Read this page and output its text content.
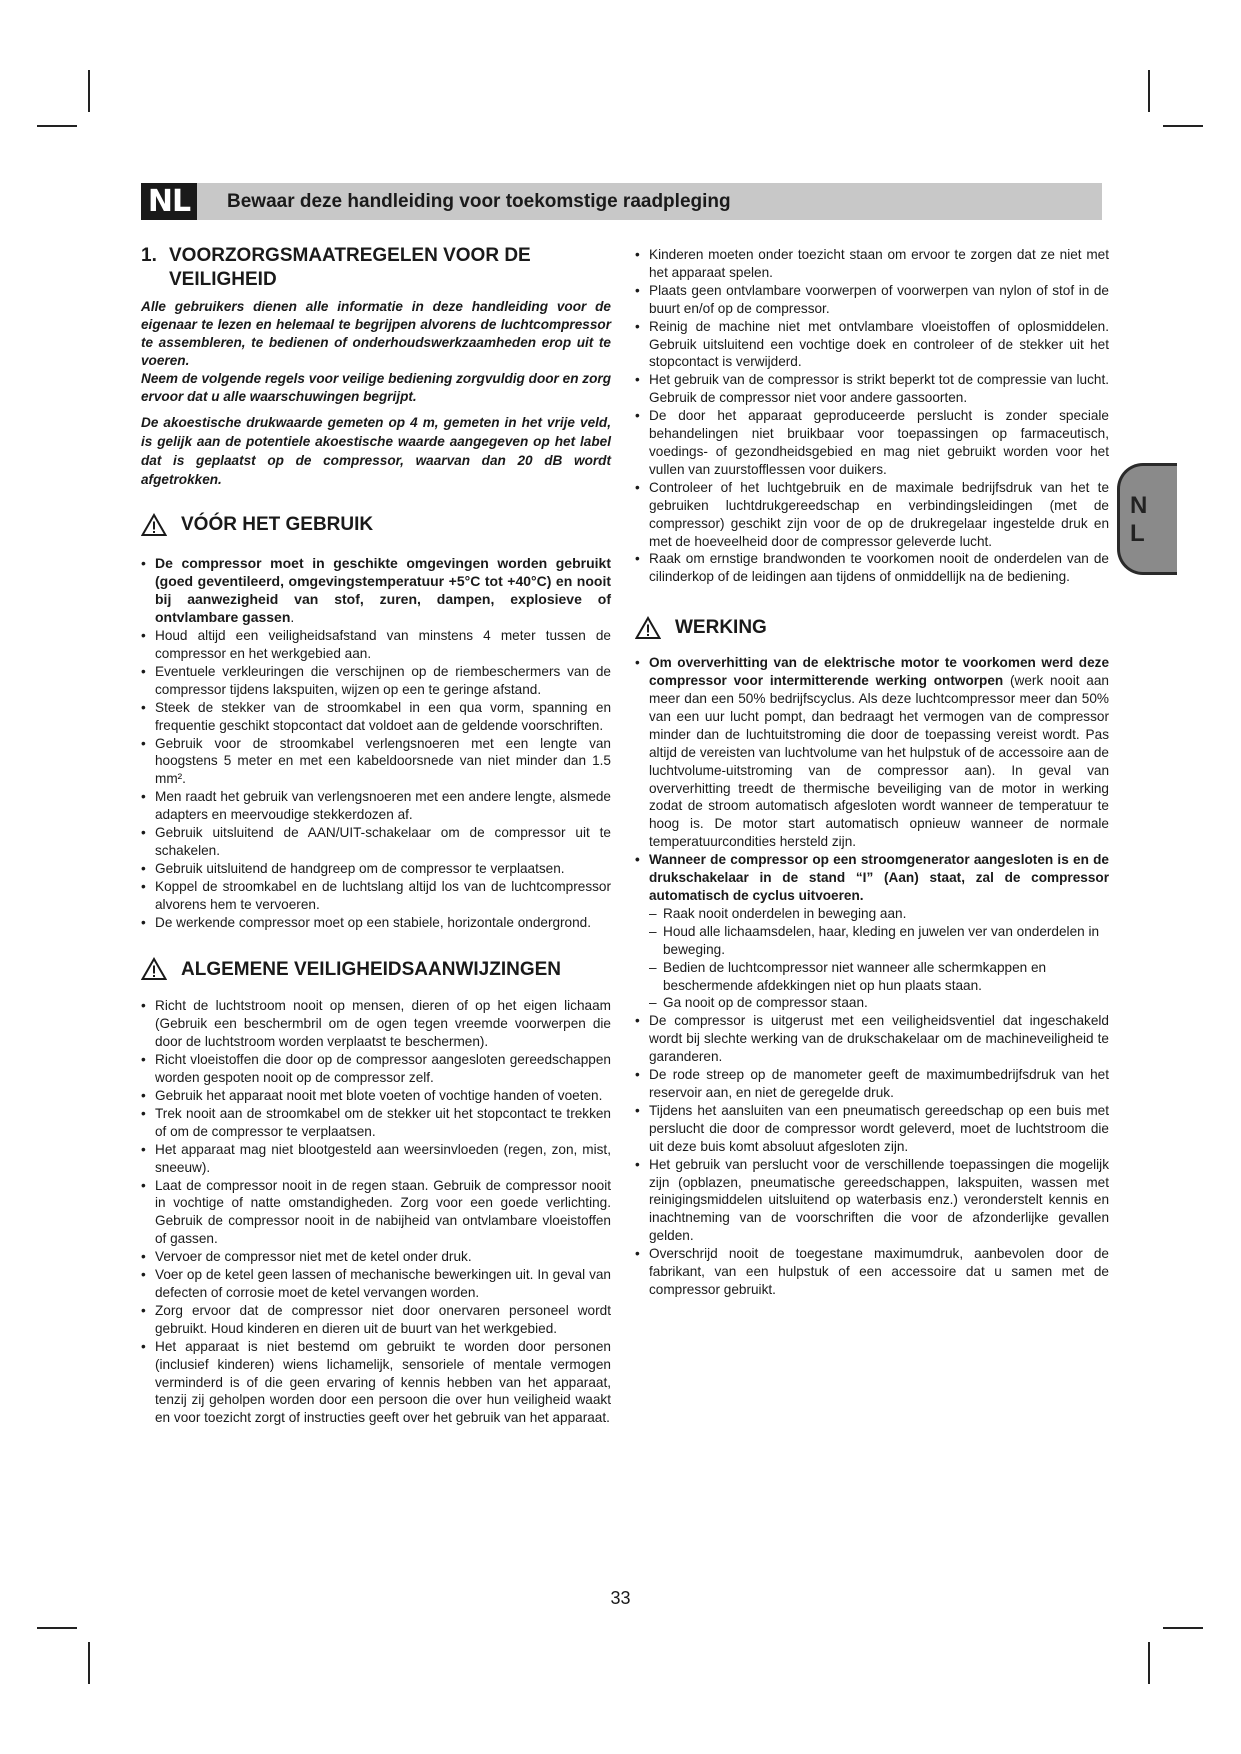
NL	Bewaar deze handleiding voor toekomstige raadpleging
N
L
1. VOORZORGSMAATREGELEN VOOR DE VEILIGHEID

Alle gebruikers dienen alle informatie in deze handleiding voor de eigenaar te lezen en helemaal te begrijpen alvorens de luchtcompressor te assembleren, te bedienen of onderhoudswerkzaamheden erop uit te voeren.

Neem de volgende regels voor veilige bediening zorgvuldig door en zorg ervoor dat u alle waarschuwingen begrijpt.

De akoestische drukwaarde gemeten op 4 m, gemeten in het vrije veld, is gelijk aan de potentiele akoestische waarde aangegeven op het label dat is geplaatst op de compressor, waarvan dan 20 dB wordt afgetrokken.

VÓÓR HET GEBRUIK
• De compressor moet in geschikte omgevingen worden gebruikt (goed geventileerd, omgevingstemperatuur +5°C tot +40°C) en nooit bij aanwezigheid van stof, zuren, dampen, explosieve of ontvlambare gassen.
• Houd altijd een veiligheidsafstand van minstens 4 meter tussen de compressor en het werkgebied aan.
• Eventuele verkleuringen die verschijnen op de riembeschermers van de compressor tijdens lakspuiten, wijzen op een te geringe afstand.
• Steek de stekker van de stroomkabel in een qua vorm, spanning en frequentie geschikt stopcontact dat voldoet aan de geldende voorschriften.
• Gebruik voor de stroomkabel verlengsnoeren met een lengte van hoogstens 5 meter en met een kabeldoorsnede van niet minder dan 1.5 mm².
• Men raadt het gebruik van verlengsnoeren met een andere lengte, alsmede adapters en meervoudige stekkerdozen af.
• Gebruik uitsluitend de AAN/UIT-schakelaar om de compressor uit te schakelen.
• Gebruik uitsluitend de handgreep om de compressor te verplaatsen.
• Koppel de stroomkabel en de luchtslang altijd los van de luchtcompressor alvorens hem te vervoeren.
• De werkende compressor moet op een stabiele, horizontale ondergrond.
ALGEMENE VEILIGHEIDSAANWIJZINGEN
• Richt de luchtstroom nooit op mensen, dieren of op het eigen lichaam (Gebruik een beschermbril om de ogen tegen vreemde voorwerpen die door de luchtstroom worden verplaatst te beschermen).
• Richt vloeistoffen die door op de compressor aangesloten gereedschappen worden gespoten nooit op de compressor zelf.
• Gebruik het apparaat nooit met blote voeten of vochtige handen of voeten.
• Trek nooit aan de stroomkabel om de stekker uit het stopcontact te trekken of om de compressor te verplaatsen.
• Het apparaat mag niet blootgesteld aan weersinvloeden (regen, zon, mist, sneeuw).
• Laat de compressor nooit in de regen staan. Gebruik de compressor nooit in vochtige of natte omstandigheden. Zorg voor een goede verlichting. Gebruik de compressor nooit in de nabijheid van ontvlambare vloeistoffen of gassen.
• Vervoer de compressor niet met de ketel onder druk.
• Voer op de ketel geen lassen of mechanische bewerkingen uit. In geval van defecten of corrosie moet de ketel vervangen worden.
• Zorg ervoor dat de compressor niet door onervaren personeel wordt gebruikt. Houd kinderen en dieren uit de buurt van het werkgebied.
• Het apparaat is niet bestemd om gebruikt te worden door personen (inclusief kinderen) wiens lichamelijk, sensoriele of mentale vermogen verminderd is of die geen ervaring of kennis hebben van het apparaat, tenzij zij geholpen worden door een persoon die over hun veiligheid waakt en voor toezicht zorgt of instructies geeft over het gebruik van het apparaat.
• Kinderen moeten onder toezicht staan om ervoor te zorgen dat ze niet met het apparaat spelen.
• Plaats geen ontvlambare voorwerpen of voorwerpen van nylon of stof in de buurt en/of op de compressor.
• Reinig de machine niet met ontvlambare vloeistoffen of oplosmiddelen. Gebruik uitsluitend een vochtige doek en controleer of de stekker uit het stopcontact is verwijderd.
• Het gebruik van de compressor is strikt beperkt tot de compressie van lucht. Gebruik de compressor niet voor andere gassoorten.
• De door het apparaat geproduceerde perslucht is zonder speciale behandelingen niet bruikbaar voor toepassingen op farmaceutisch, voedings- of gezondheidsgebied en mag niet gebruikt worden voor het vullen van zuurstofflessen voor duikers.
• Controleer of het luchtgebruik en de maximale bedrijfsdruk van het te gebruiken luchtdrukgereedschap en verbindingsleidingen (met de compressor) geschikt zijn voor de op de drukregelaar ingestelde druk en met de hoeveelheid door de compressor geleverde lucht.
• Raak om ernstige brandwonden te voorkomen nooit de onderdelen van de cilinderkop of de leidingen aan tijdens of onmiddellijk na de bediening.
WERKING
• Om oververhitting van de elektrische motor te voorkomen werd deze compressor voor intermitterende werking ontworpen (werk nooit aan meer dan een 50% bedrijfscyclus. Als deze luchtcompressor meer dan 50% van een uur lucht pompt, dan bedraagt het vermogen van de compressor minder dan de luchtuitstroming die door de toepassing vereist wordt. Pas altijd de vereisten van luchtvolume van het hulpstuk of de accessoire aan de luchtvolume-uitstroming van de compressor aan). In geval van oververhitting treedt de thermische beveiliging van de motor in werking zodat de stroom automatisch afgesloten wordt wanneer de temperatuur te hoog is. De motor start automatisch opnieuw wanneer de normale temperatuurcondities hersteld zijn.
• Wanneer de compressor op een stroomgenerator aangesloten is en de drukschakelaar in de stand “I” (Aan) staat, zal de compressor automatisch de cyclus uitvoeren.
– Raak nooit onderdelen in beweging aan.
– Houd alle lichaamsdelen, haar, kleding en juwelen ver van onderdelen in beweging.
– Bedien de luchtcompressor niet wanneer alle schermkappen en beschermende afdekkingen niet op hun plaats staan.
– Ga nooit op de compressor staan.
• De compressor is uitgerust met een veiligheidsventiel dat ingeschakeld wordt bij slechte werking van de drukschakelaar om de machineveiligheid te garanderen.
• De rode streep op de manometer geeft de maximumbedrijfsdruk van het reservoir aan, en niet de geregelde druk.
• Tijdens het aansluiten van een pneumatisch gereedschap op een buis met perslucht die door de compressor wordt geleverd, moet de luchtstroom die uit deze buis komt absoluut afgesloten zijn.
• Het gebruik van perslucht voor de verschillende toepassingen die mogelijk zijn (opblazen, pneumatische gereedschappen, lakspuiten, wassen met reinigingsmiddelen uitsluitend op waterbasis enz.) veronderstelt kennis en inachtneming van de voorschriften die voor de afzonderlijke gevallen gelden.
• Overschrijd nooit de toegestane maximumdruk, aanbevolen door de fabrikant, van een hulpstuk of een accessoire dat u samen met de compressor gebruikt.
33
